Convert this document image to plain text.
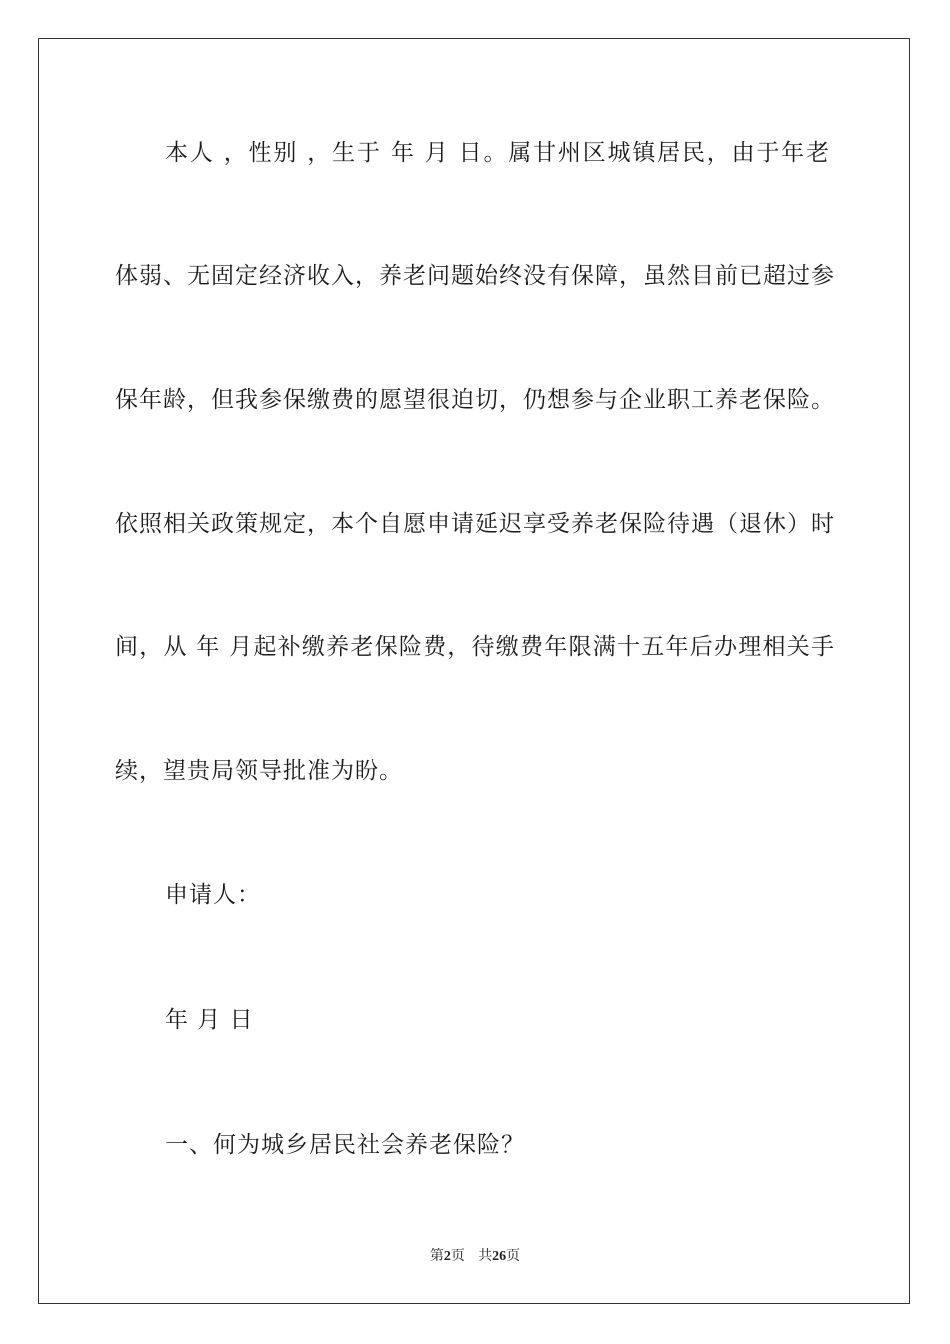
本人 ，性别 ，生于 年 月 日。属甘州区城镇居民，由于年老
体弱、无固定经济收入，养老问题始终没有保障，虽然目前已超过参
保年龄，但我参保缴费的愿望很迫切，仍想参与企业职工养老保险。
依照相关政策规定，本个自愿申请延迟享受养老保险待遇（退休）时
间，从 年 月起补缴养老保险费，待缴费年限满十五年后办理相关手
续，望贵局领导批准为盼。
申请人：
年 月 日
一、何为城乡居民社会养老保险？
第2页 共26页
